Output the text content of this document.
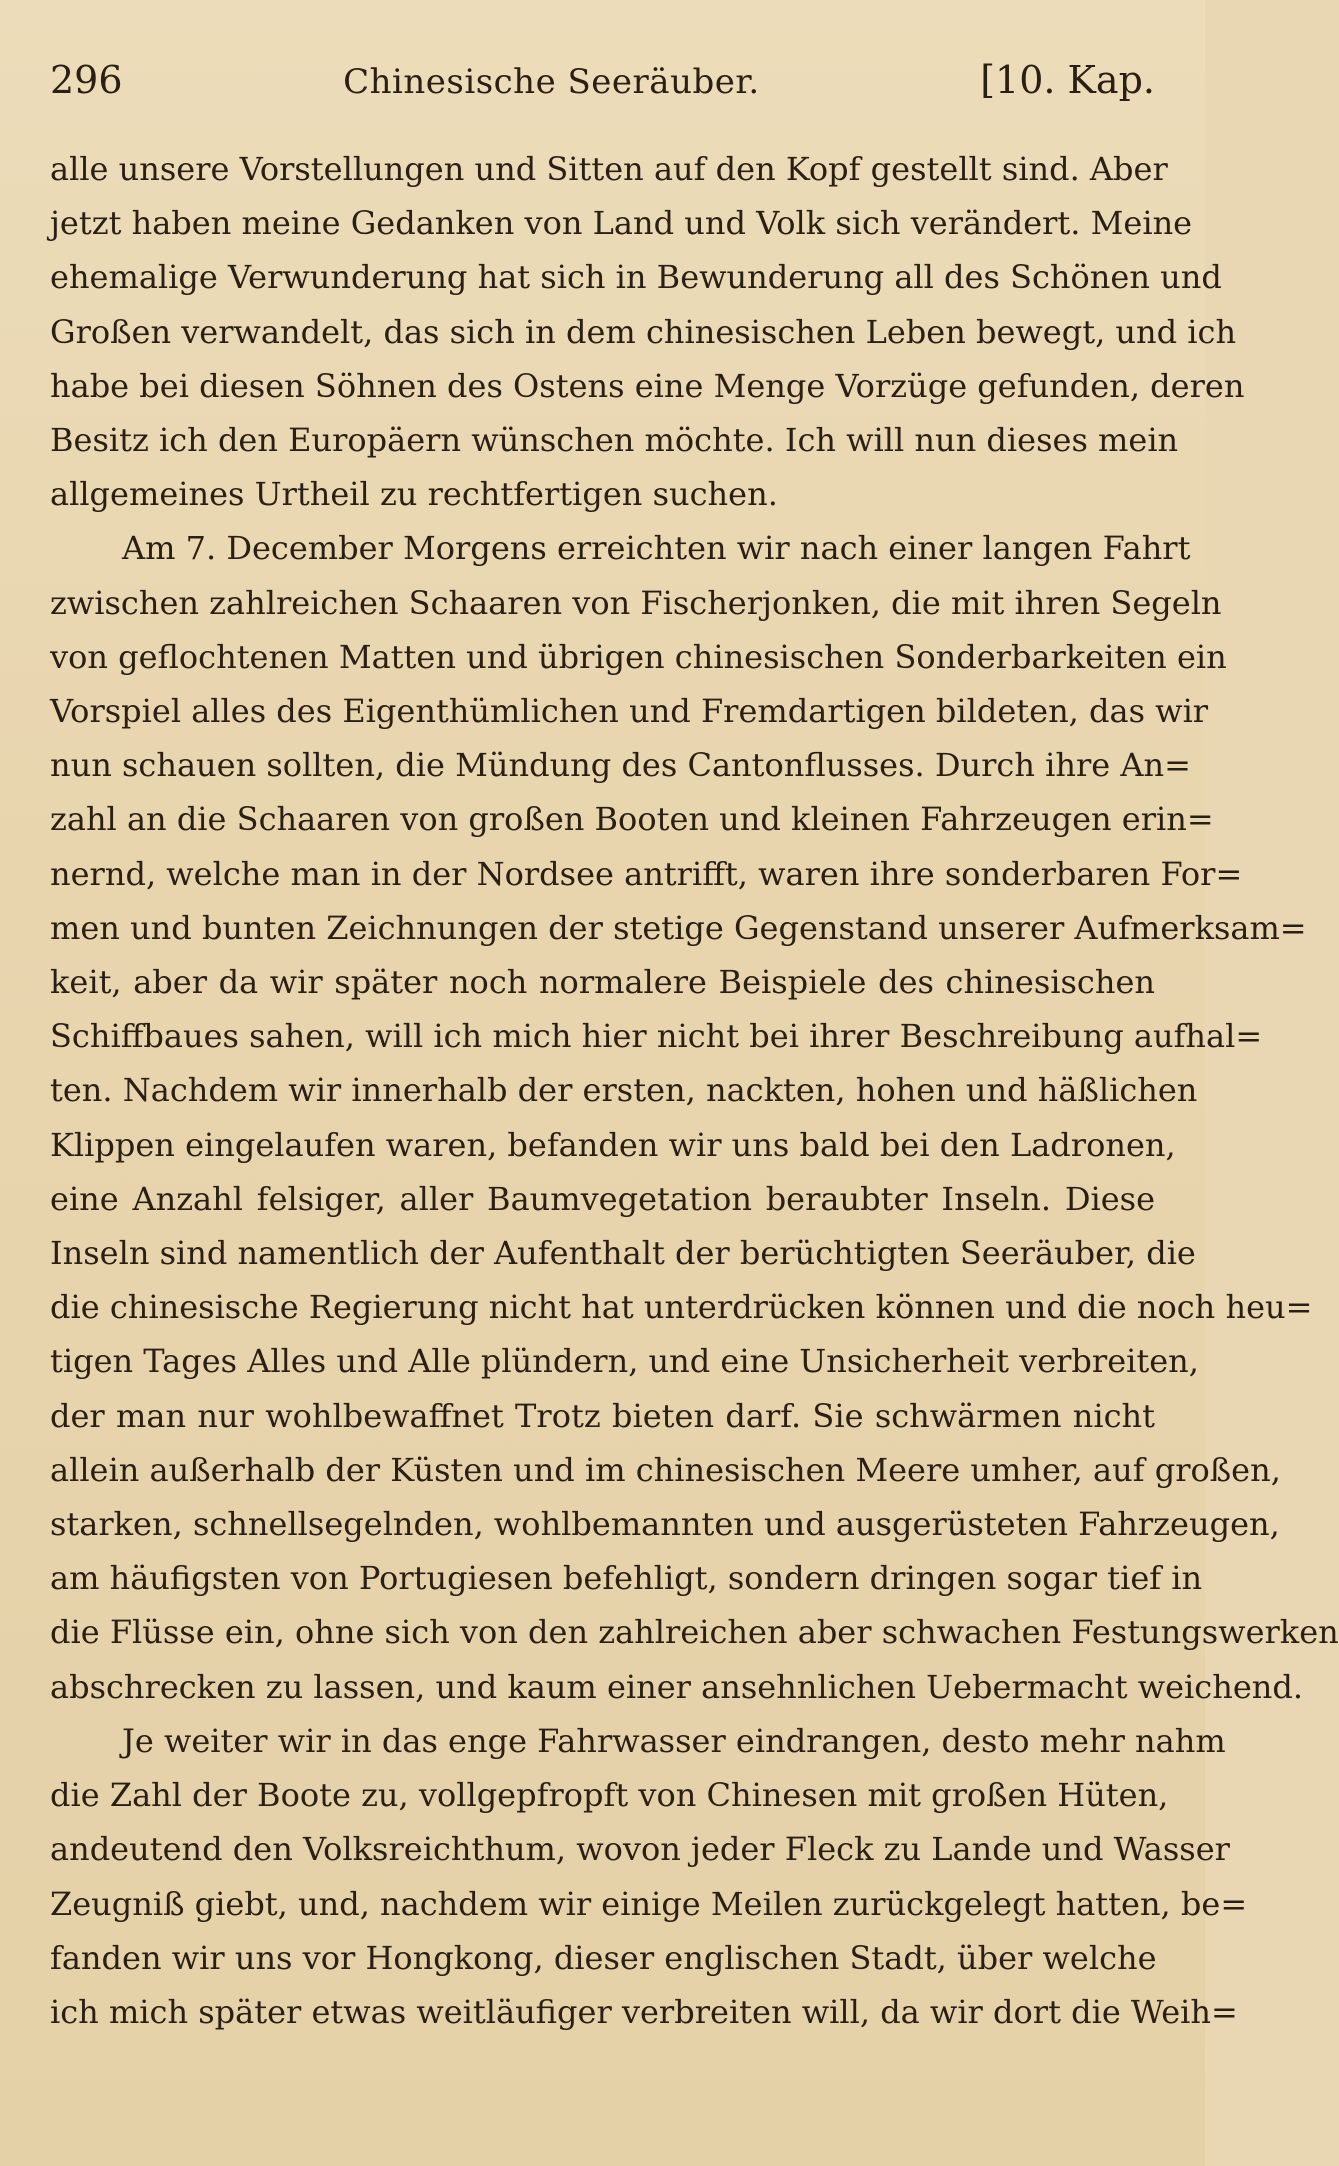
296	Chinesische Seeräuber.	[10. Kap.
alle unsere Vorstellungen und Sitten auf den Kopf gestellt sind. Aber
jetzt haben meine Gedanken von Land und Volk sich verändert. Meine
ehemalige Verwunderung hat sich in Bewunderung all des Schönen und
Großen verwandelt, das sich in dem chinesischen Leben bewegt, und ich
habe bei diesen Söhnen des Ostens eine Menge Vorzüge gefunden, deren
Besitz ich den Europäern wünschen möchte. Ich will nun dieses mein
allgemeines Urtheil zu rechtfertigen suchen.
Am 7. December Morgens erreichten wir nach einer langen Fahrt
zwischen zahlreichen Schaaren von Fischerjonken, die mit ihren Segeln
von geflochtenen Matten und übrigen chinesischen Sonderbarkeiten ein
Vorspiel alles des Eigenthümlichen und Fremdartigen bildeten, das wir
nun schauen sollten, die Mündung des Cantonflusses. Durch ihre An=
zahl an die Schaaren von großen Booten und kleinen Fahrzeugen erin=
nernd, welche man in der Nordsee antrifft, waren ihre sonderbaren For=
men und bunten Zeichnungen der stetige Gegenstand unserer Aufmerksam=
keit, aber da wir später noch normalere Beispiele des chinesischen
Schiffbaues sahen, will ich mich hier nicht bei ihrer Beschreibung aufhal=
ten. Nachdem wir innerhalb der ersten, nackten, hohen und häßlichen
Klippen eingelaufen waren, befanden wir uns bald bei den Ladronen,
eine Anzahl felsiger, aller Baumvegetation beraubter Inseln. Diese
Inseln sind namentlich der Aufenthalt der berüchtigten Seeräuber, die
die chinesische Regierung nicht hat unterdrücken können und die noch heu=
tigen Tages Alles und Alle plündern, und eine Unsicherheit verbreiten,
der man nur wohlbewaffnet Trotz bieten darf. Sie schwärmen nicht
allein außerhalb der Küsten und im chinesischen Meere umher, auf großen,
starken, schnellsegelnden, wohlbemannten und ausgerüsteten Fahrzeugen,
am häufigsten von Portugiesen befehligt, sondern dringen sogar tief in
die Flüsse ein, ohne sich von den zahlreichen aber schwachen Festungswerken
abschrecken zu lassen, und kaum einer ansehnlichen Uebermacht weichend.
Je weiter wir in das enge Fahrwasser eindrangen, desto mehr nahm
die Zahl der Boote zu, vollgepfropft von Chinesen mit großen Hüten,
andeutend den Volksreichthum, wovon jeder Fleck zu Lande und Wasser
Zeugniß giebt, und, nachdem wir einige Meilen zurückgelegt hatten, be=
fanden wir uns vor Hongkong, dieser englischen Stadt, über welche
ich mich später etwas weitläufiger verbreiten will, da wir dort die Weih=
